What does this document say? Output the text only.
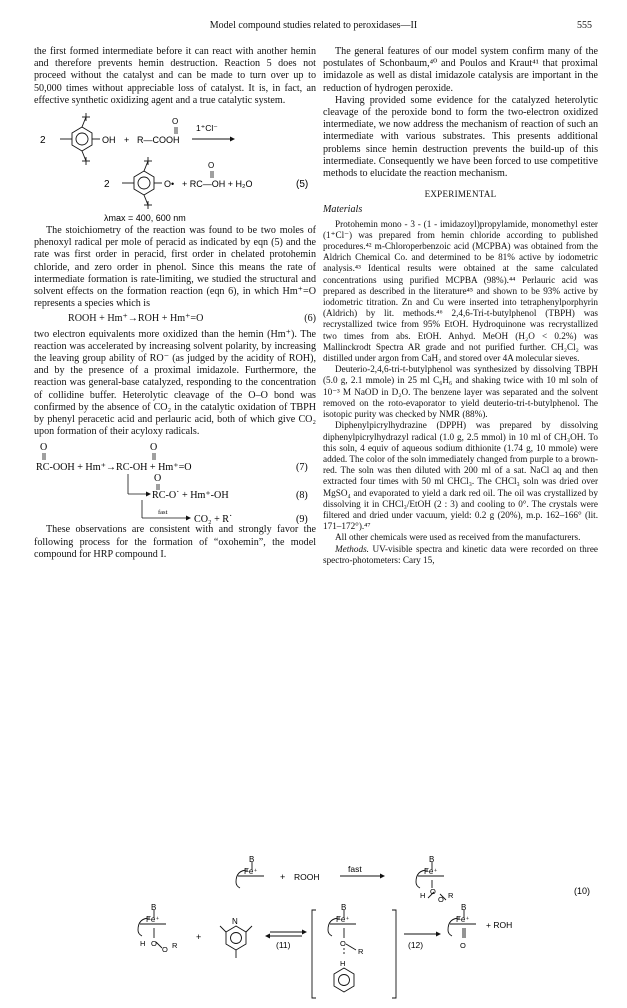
Model compound studies related to peroxidases—II	555

the first formed intermediate before it can react with another hemin and therefore prevents hemin destruction. Reaction 5 does not proceed without the catalyst and can be made to turn over up to 50,000 times without appreciable loss of catalyst. It is, in fact, an effective synthetic oxidizing agent and a true catalytic system.

2	OH + R—COOH
O
1⁺Cl⁻
2	O•
O
+ RC—OH + H₂O	(5)
λmax = 400, 600 nm

The stoichiometry of the reaction was found to be two moles of phenoxyl radical per mole of peracid as indicated by eqn (5) and the rate was first order in peracid, first order in chelated protohemin chloride, and zero order in phenol. Since this means the rate of intermediate formation is rate-limiting, we studied the structural and solvent effects on the formation reaction (eqn 6), in which Hm⁺=O represents a species which is

ROOH + Hm⁺→ROH + Hm⁺=O	(6)

two electron equivalents more oxidized than the hemin (Hm⁺). The reaction was accelerated by increasing solvent polarity, by increasing the leaving group ability of RO⁻ (as judged by the acidity of ROH), and by the presence of a proximal imidazole. Furthermore, the reaction was general-base catalyzed, responding to the concentration of collidine buffer. Heterolytic cleavage of the O–O bond was confirmed by the absence of CO₂ in the catalytic oxidation of TBPH by phenyl peracetic acid and perlauric acid, both of which give CO₂ upon formation of their acyloxy radicals.

O	O
RC-OOH + Hm⁺→RC-OH + Hm⁺=O	(7)
O
RC-O˙ + Hm⁺-OH	(8)
fast
CO₂ + R˙	(9)

These observations are consistent with and strongly favor the following process for the formation of “oxohemin”, the model compound for HRP compound I.

The general features of our model system confirm many of the postulates of Schonbaum,⁴⁰ and Poulos and Kraut⁴¹ that proximal imidazole as well as distal imidazole catalysis are important in the reduction of hydrogen peroxide.

Having provided some evidence for the catalyzed heterolytic cleavage of the peroxide bond to form the two-electron oxidized intermediate, we now address the mechanism of reaction of such an intermediate with various substrates. This presents additional problems since hemin destruction prevents the build-up of this intermediate. Consequently we have been forced to use competitive methods to elucidate the reaction mechanism.

EXPERIMENTAL
Materials

Protohemin mono - 3 - (1 - imidazoyl)propylamide, monomethyl ester (1⁺Cl⁻) was prepared from hemin chloride according to published procedures.⁴² m-Chloroperbenzoic acid (MCPBA) was obtained from the Aldrich Chemical Co. and determined to be 81% active by iodometric analysis.⁴³ Identical results were obtained at the same calculated concentrations using purified MCPBA (98%).⁴⁴ Perlauric acid was prepared as described in the literature⁴⁵ and shown to be 93% active by iodometric titration. Zn and Cu were inserted into tetraphenylporphyrin (Aldrich) by lit. methods.⁴⁶ 2,4,6-Tri-t-butylphenol (TBPH) was recrystallized twice from 95% EtOH. Hydroquinone was recrystallized two times from abs. EtOH. Anhyd. MeOH (H₂O < 0.2%) was Mallinckrodt Spectra AR grade and not purified further. CH₂Cl₂ was distilled under argon from CaH₂ and stored over 4A molecular sieves.

Deuterio-2,4,6-tri-t-butylphenol was synthesized by dissolving TBPH (5.0 g, 2.1 mmole) in 25 ml C₆H₆ and shaking twice with 10 ml soln of 10⁻³ M NaOD in D₂O. The benzene layer was separated and the solvent removed on the roto-evaporator to yield deuterio-tri-t-butylphenol. The isotopic purity was checked by NMR (88%).

Diphenylpicrylhydrazine (DPPH) was prepared by dissolving diphenylpicrylhydrazyl radical (1.0 g, 2.5 mmol) in 10 ml of CH₃OH. To this soln, 4 equiv of aqueous sodium dithionite (1.74 g, 10 mmole) were added. The color of the soln immediately changed from purple to a brown-red. The soln was then diluted with 200 ml of a sat. NaCl aq and then extracted four times with 50 ml CHCl₃. The CHCl₃ soln was dried over MgSO₄ and evaporated to yield a dark red oil. The oil was crystallized by dissolving it in CHCl₃/EtOH (2 : 3) and cooling to 0°. The crystals were filtered and dried under vacuum, yield: 0.2 g (20%), m.p. 162–166° (lit. 171–172°).⁴⁷

All other chemicals were used as received from the manufacturers.

Methods. UV-visible spectra and kinetic data were recorded on three spectro-photometers: Cary 15,

B
Fe⁺
+ ROOH
fast
B
Fe⁺
H O
O R	(10)
B
Fe⁺
H O
O R
+
N
(11)
B
Fe⁺
O
R
H
(12)
B
Fe⁺
O
+ ROH
